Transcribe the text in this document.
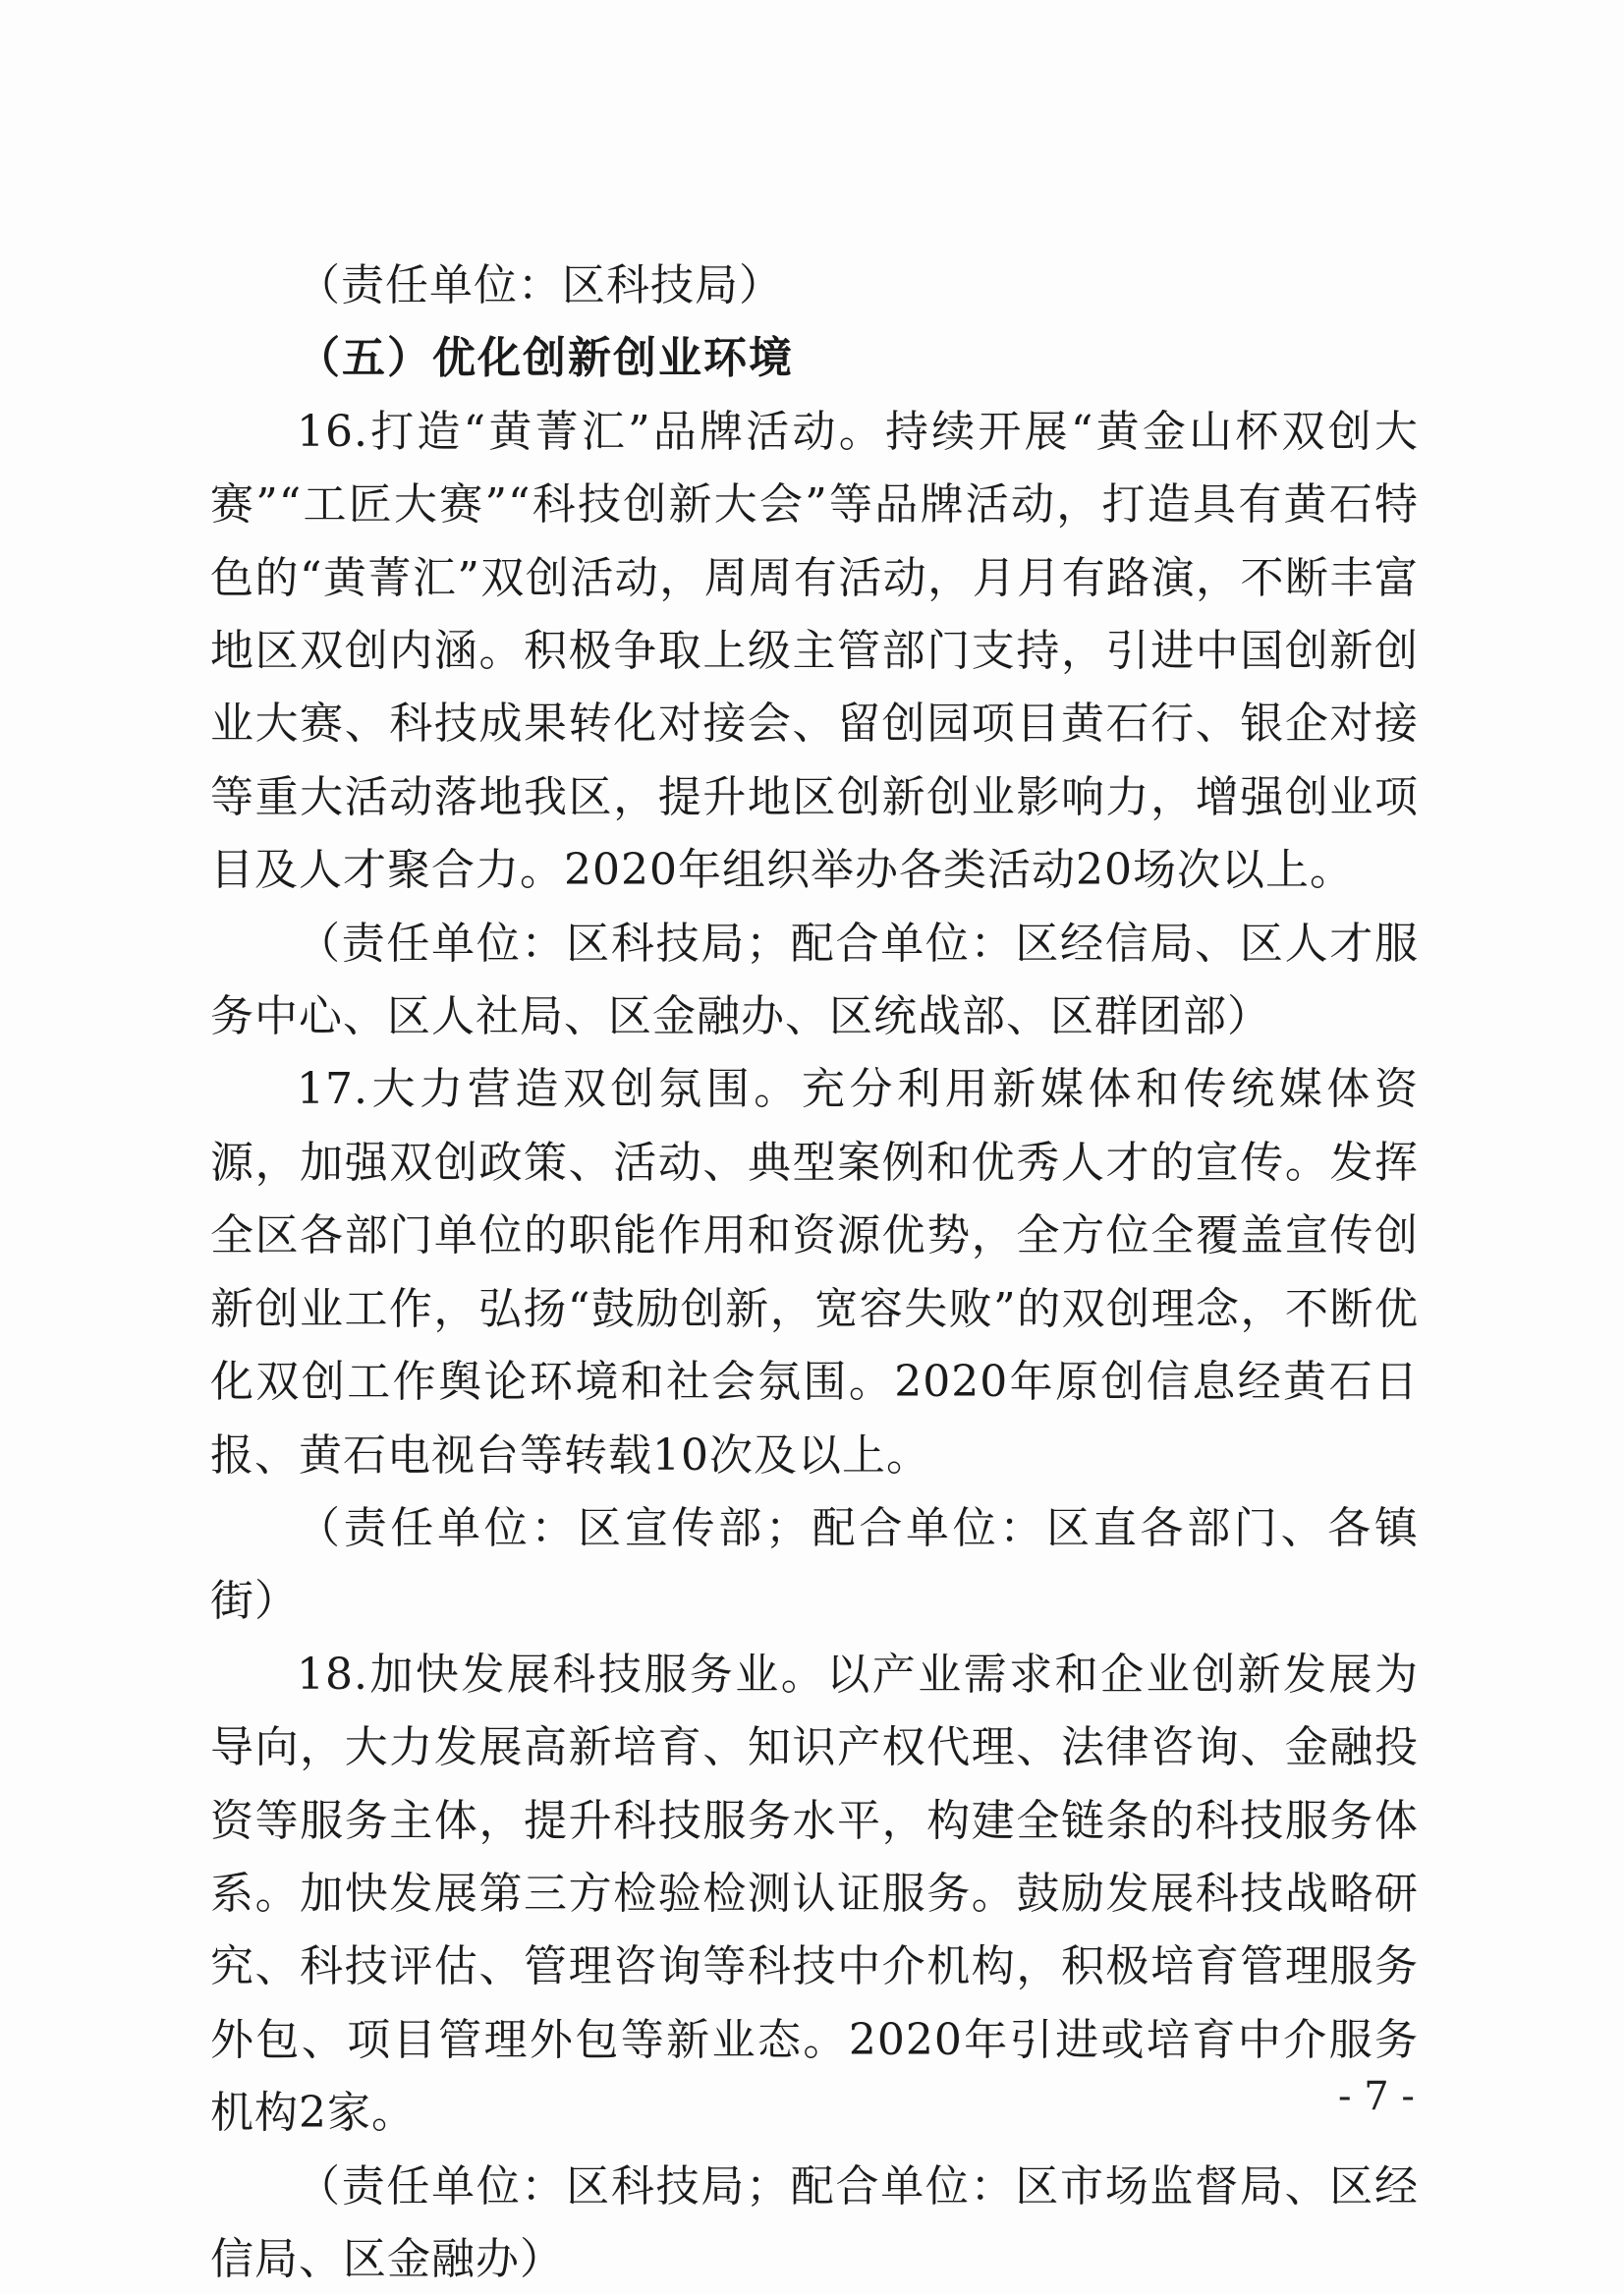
（责任单位：区科技局）

（五）优化创新创业环境

16.打造“黄菁汇”品牌活动。持续开展“黄金山杯双创大赛”“工匠大赛”“科技创新大会”等品牌活动，打造具有黄石特色的“黄菁汇”双创活动，周周有活动，月月有路演，不断丰富地区双创内涵。积极争取上级主管部门支持，引进中国创新创业大赛、科技成果转化对接会、留创园项目黄石行、银企对接等重大活动落地我区，提升地区创新创业影响力，增强创业项目及人才聚合力。2020年组织举办各类活动20场次以上。

（责任单位：区科技局；配合单位：区经信局、区人才服务中心、区人社局、区金融办、区统战部、区群团部）

17.大力营造双创氛围。充分利用新媒体和传统媒体资源，加强双创政策、活动、典型案例和优秀人才的宣传。发挥全区各部门单位的职能作用和资源优势，全方位全覆盖宣传创新创业工作，弘扬“鼓励创新，宽容失败”的双创理念，不断优化双创工作舆论环境和社会氛围。2020年原创信息经黄石日报、黄石电视台等转载10次及以上。

（责任单位：区宣传部；配合单位：区直各部门、各镇街）

18.加快发展科技服务业。以产业需求和企业创新发展为导向，大力发展高新培育、知识产权代理、法律咨询、金融投资等服务主体，提升科技服务水平，构建全链条的科技服务体系。加快发展第三方检验检测认证服务。鼓励发展科技战略研究、科技评估、管理咨询等科技中介机构，积极培育管理服务外包、项目管理外包等新业态。2020年引进或培育中介服务机构2家。

（责任单位：区科技局；配合单位：区市场监督局、区经信局、区金融办）

- 7 -
